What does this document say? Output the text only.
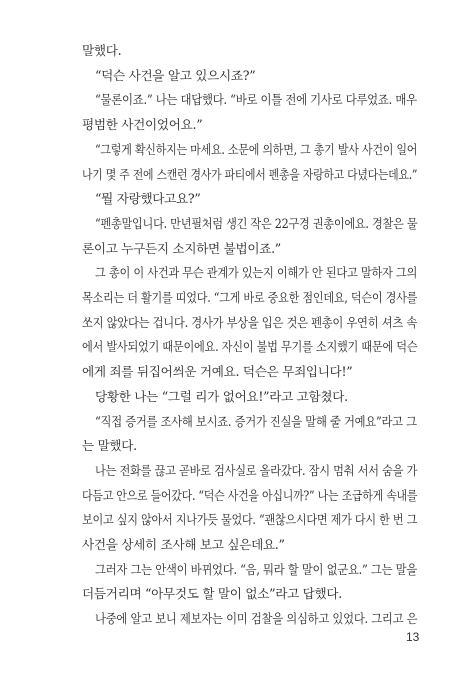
말했다.
“덕슨 사건을 알고 있으시죠?”
“물론이죠.” 나는 대답했다. “바로 이틀 전에 기사로 다루었죠. 매우
평범한 사건이었어요.”
“그렇게 확신하지는 마세요. 소문에 의하면, 그 총기 발사 사건이 일어
나기 몇 주 전에 스캔런 경사가 파티에서 펜총을 자랑하고 다녔다는데요.”
“뭘 자랑했다고요?”
“펜총말입니다. 만년필처럼 생긴 작은 22구경 권총이에요. 경찰은 물
론이고 누구든지 소지하면 불법이죠.”
그 총이 이 사건과 무슨 관계가 있는지 이해가 안 된다고 말하자 그의
목소리는 더 활기를 띠었다. “그게 바로 중요한 점인데요, 덕슨이 경사를
쏘지 않았다는 겁니다. 경사가 부상을 입은 것은 펜총이 우연히 셔츠 속
에서 발사되었기 때문이에요. 자신이 불법 무기를 소지했기 때문에 덕슨
에게 죄를 뒤집어씌운 거예요. 덕슨은 무죄입니다!”
당황한 나는 “그럴 리가 없어요!”라고 고함쳤다.
“직접 증거를 조사해 보시죠. 증거가 진실을 말해 줄 거예요”라고 그
는 말했다.
나는 전화를 끊고 곧바로 검사실로 올라갔다. 잠시 멈춰 서서 숨을 가
다듬고 안으로 들어갔다. “덕슨 사건을 아십니까?” 나는 조급하게 속내를
보이고 싶지 않아서 지나가듯 물었다. “괜찮으시다면 제가 다시 한 번 그
사건을 상세히 조사해 보고 싶은데요.”
그러자 그는 안색이 바뀌었다. “음, 뭐라 할 말이 없군요.” 그는 말을
더듬거리며 “아무것도 할 말이 없소”라고 답했다.
나중에 알고 보니 제보자는 이미 검찰을 의심하고 있었다. 그리고 은
13
